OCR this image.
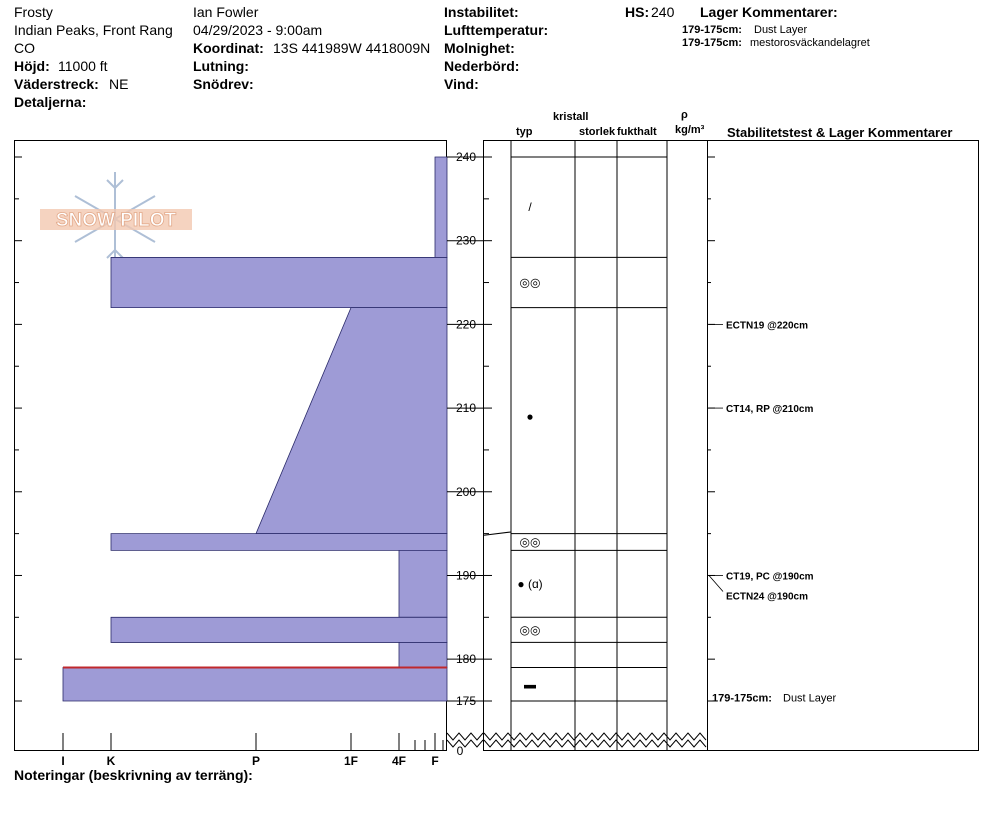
Frosty
Indian Peaks, Front Rang
CO
Höjd: 11000 ft
Väderstreck: NE
Detaljerna:
Ian Fowler
04/29/2023 - 9:00am
Koordinat: 13S 441989W 4418009N
Lutning:
Snödrev:
Instabilitet:
Lufttemperatur:
Molnighet:
Nederbörd:
Vind:
HS: 240 Lager Kommentarer:
179-175cm: Dust Layer
179-175cm: mestorosväckandelagret
kristall
typ	storlek fukthalt
ρ
kg/m³ Stabilitetstest & Lager Kommentarer
Noteringar (beskrivning av terräng):
SNOW PILOT
I	K	P	1F	4F F
240
230
220
210
200
190
180
175
0
/
◎◎
●
◎◎
● (ɑ)
◎◎
▬
ECTN19 @220cm
CT14, RP @210cm
CT19, PC @190cm
ECTN24 @190cm
179-175cm: Dust Layer
